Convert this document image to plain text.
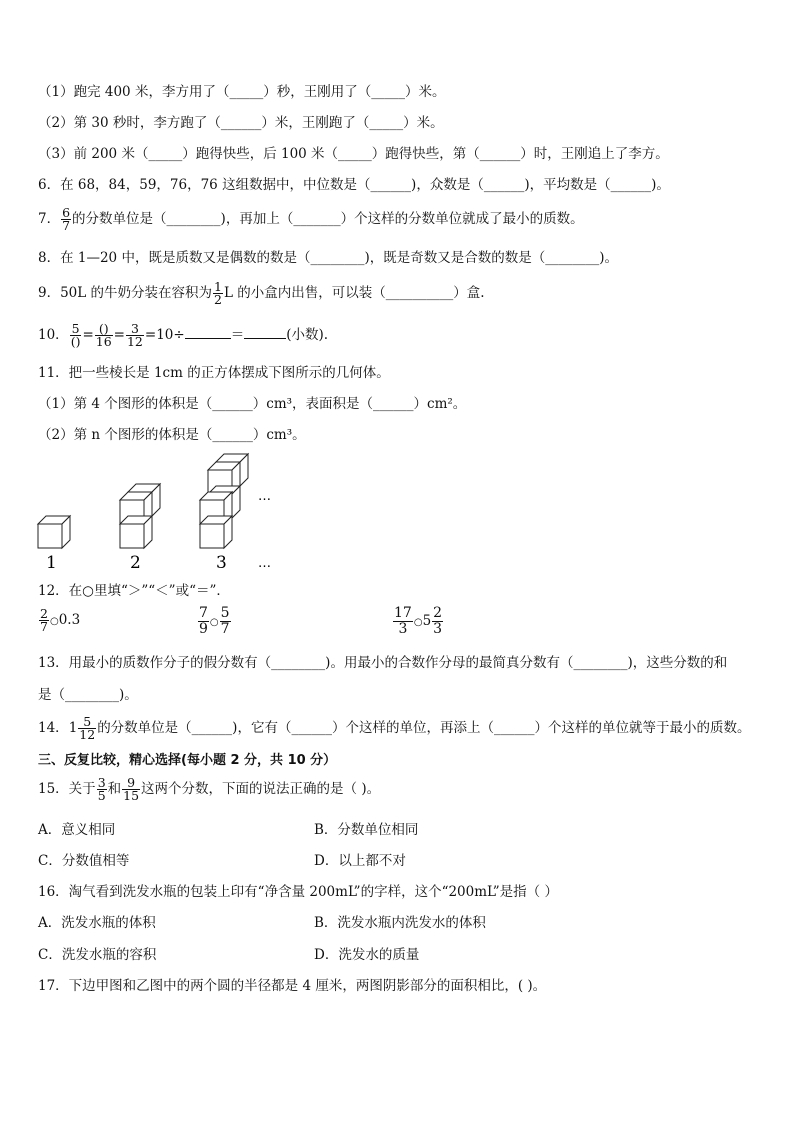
（1）跑完 400 米，李方用了（_____）秒，王刚用了（_____）米。
（2）第 30 秒时，李方跑了（______）米，王刚跑了（_____）米。
（3）前 200 米（_____）跑得快些，后 100 米（_____）跑得快些，第（______）时，王刚追上了李方。
6．在 68，84，59，76，76 这组数据中，中位数是（______)，众数是（______)，平均数是（______)。
7． $\frac{6}{7}$ 的分数单位是（________)，再加上（_______）个这样的分数单位就成了最小的质数。
8．在 1—20 中，既是质数又是偶数的数是（________)，既是奇数又是合数的数是（________)。
9．50L 的牛奶分装在容积为 $\frac{1}{2}$ L 的小盒内出售，可以装（__________）盒.
10． $\frac{5}{()} = \frac{()}{16} = \frac{3}{12} =10\div$	＝	(小数).
11．把一些棱长是 1cm 的正方体摆成下图所示的几何体。
（1）第 4 个图形的体积是（______）cm³，表面积是（______）cm²。
（2）第 n 个图形的体积是（______）cm³。
1	2	3
…
…
12．在○里填“＞”“＜”或“＝”．
$\frac{2}{7}$ ○0.3	$\frac{7}{9}$ ○ $\frac{5}{7}$	$\frac{17}{3}$ ○5 $\frac{2}{3}$
13．用最小的质数作分子的假分数有（________)。用最小的合数作分母的最简真分数有（________)，这些分数的和
是（________)。
14．$1 \frac{5}{12}$ 的分数单位是（______)，它有（______）个这样的单位，再添上（______）个这样的单位就等于最小的质数。
三、反复比较，精心选择(每小题 2 分，共 10 分）
15．关于 $\frac{3}{5}$ 和 $\frac{9}{15}$ 这两个分数，下面的说法正确的是（ )。
A．意义相同	B．分数单位相同
C．分数值相等	D．以上都不对
16．淘气看到洗发水瓶的包装上印有“净含量 200mL”的字样，这个“200mL”是指（ ）
A．洗发水瓶的体积	B．洗发水瓶内洗发水的体积
C．洗发水瓶的容积	D．洗发水的质量
17．下边甲图和乙图中的两个圆的半径都是 4 厘米，两图阴影部分的面积相比，( )。
